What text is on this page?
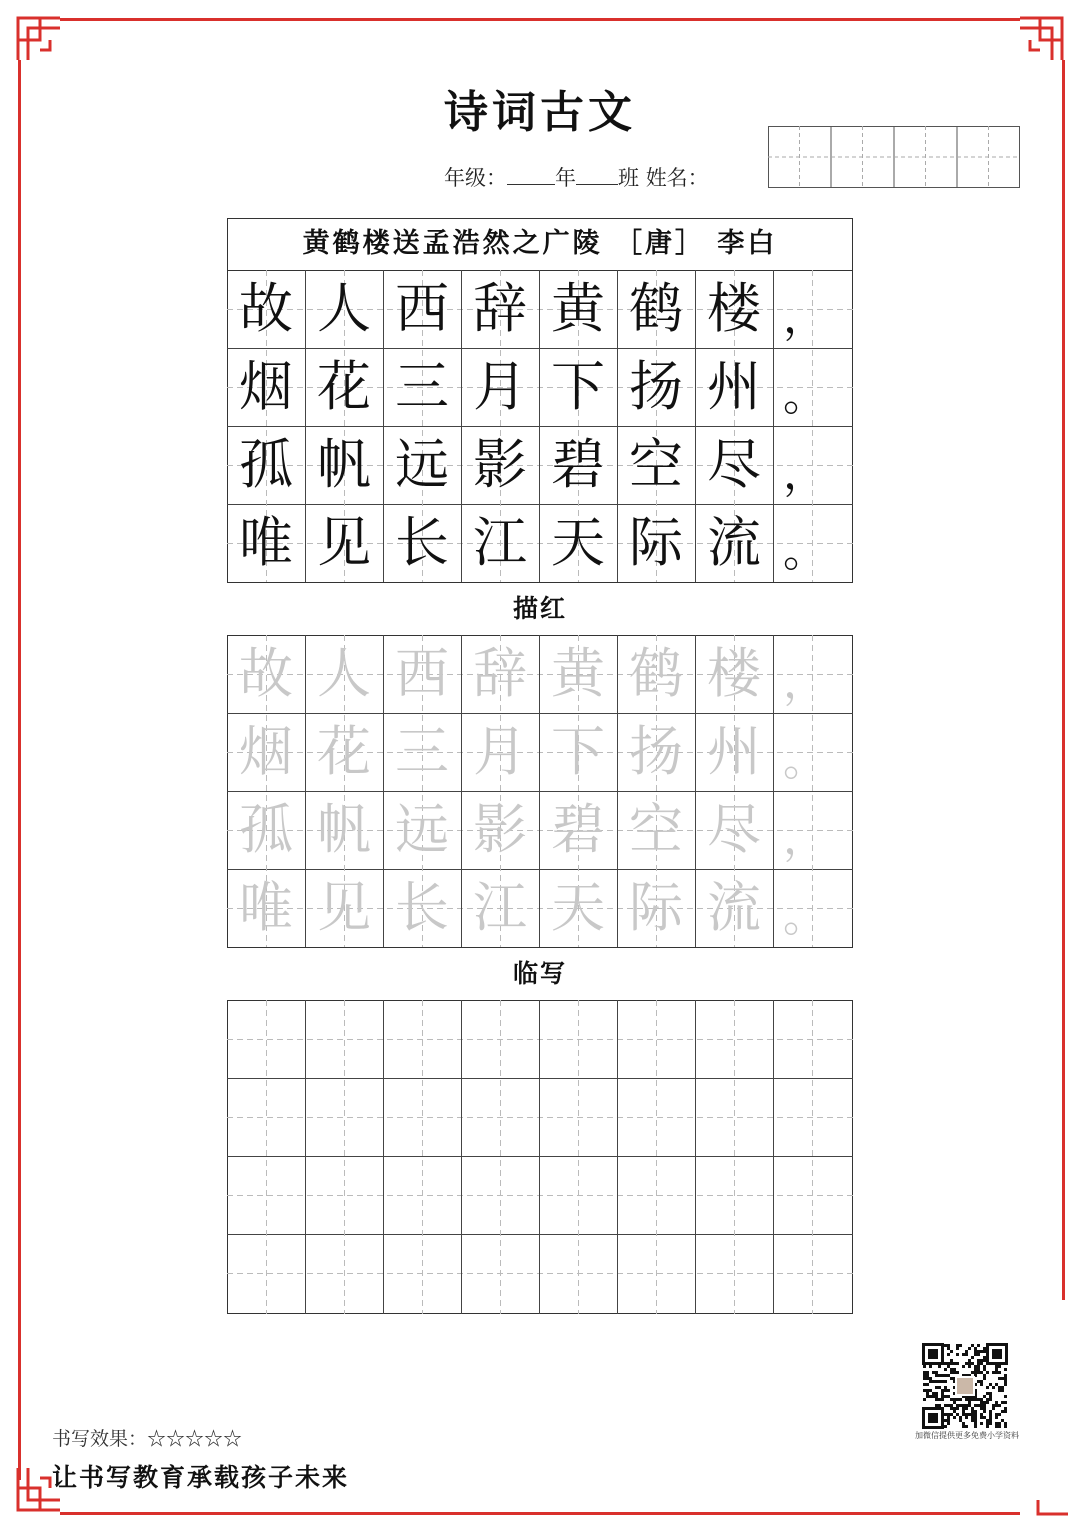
诗词古文
年级： 年 班 姓名：
黄鹤楼送孟浩然之广陵 ［唐］ 李白
故 人 西 辞 黄 鹤 楼 ，
烟 花 三 月 下 扬 州 。
孤 帆 远 影 碧 空 尽 ，
唯 见 长 江 天 际 流 。
描红
故 人 西 辞 黄 鹤 楼 ，
烟 花 三 月 下 扬 州 。
孤 帆 远 影 碧 空 尽 ，
唯 见 长 江 天 际 流 。
临写
加微信提供更多免费小学资料
书写效果：☆☆☆☆☆
让书写教育承载孩子未来
